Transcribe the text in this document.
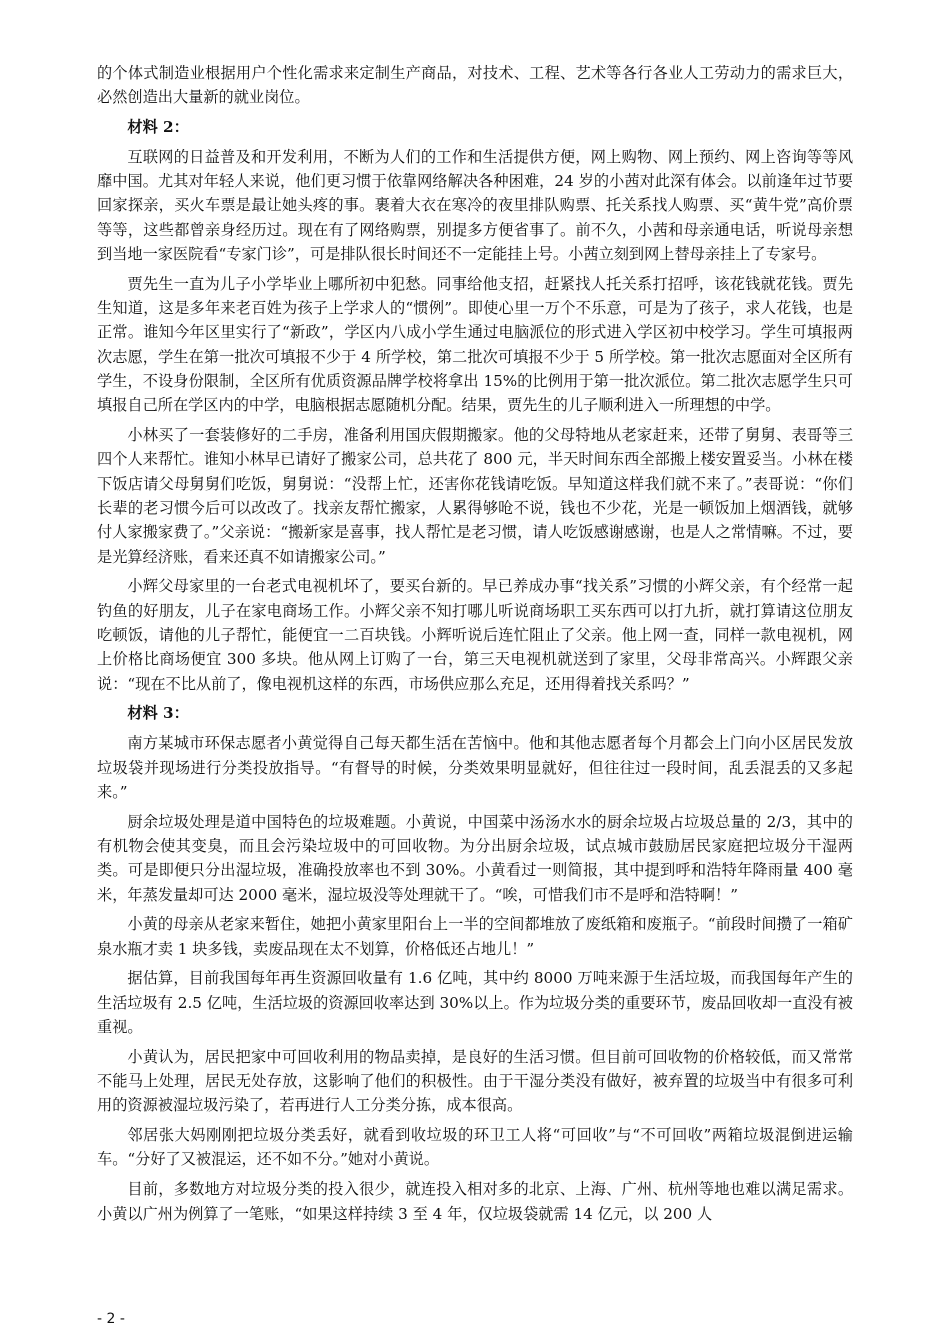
的个体式制造业根据用户个性化需求来定制生产商品，对技术、工程、艺术等各行各业人工劳动力的需求巨大，必然创造出大量新的就业岗位。

材料 2：

互联网的日益普及和开发利用，不断为人们的工作和生活提供方便，网上购物、网上预约、网上咨询等等风靡中国。尤其对年轻人来说，他们更习惯于依靠网络解决各种困难，24 岁的小茜对此深有体会。以前逢年过节要回家探亲，买火车票是最让她头疼的事。裹着大衣在寒冷的夜里排队购票、托关系找人购票、买“黄牛党”高价票等等，这些都曾亲身经历过。现在有了网络购票，别提多方便省事了。前不久，小茜和母亲通电话，听说母亲想到当地一家医院看“专家门诊”，可是排队很长时间还不一定能挂上号。小茜立刻到网上替母亲挂上了专家号。

贾先生一直为儿子小学毕业上哪所初中犯愁。同事给他支招，赶紧找人托关系打招呼，该花钱就花钱。贾先生知道，这是多年来老百姓为孩子上学求人的“惯例”。即使心里一万个不乐意，可是为了孩子，求人花钱，也是正常。谁知今年区里实行了“新政”，学区内八成小学生通过电脑派位的形式进入学区初中校学习。学生可填报两次志愿，学生在第一批次可填报不少于 4 所学校，第二批次可填报不少于 5 所学校。第一批次志愿面对全区所有学生，不设身份限制，全区所有优质资源品牌学校将拿出 15%的比例用于第一批次派位。第二批次志愿学生只可填报自己所在学区内的中学，电脑根据志愿随机分配。结果，贾先生的儿子顺利进入一所理想的中学。

小林买了一套装修好的二手房，准备利用国庆假期搬家。他的父母特地从老家赶来，还带了舅舅、表哥等三四个人来帮忙。谁知小林早已请好了搬家公司，总共花了 800 元，半天时间东西全部搬上楼安置妥当。小林在楼下饭店请父母舅舅们吃饭，舅舅说：“没帮上忙，还害你花钱请吃饭。早知道这样我们就不来了。”表哥说：“你们长辈的老习惯今后可以改改了。找亲友帮忙搬家，人累得够呛不说，钱也不少花，光是一顿饭加上烟酒钱，就够付人家搬家费了。”父亲说：“搬新家是喜事，找人帮忙是老习惯，请人吃饭感谢感谢，也是人之常情嘛。不过，要是光算经济账，看来还真不如请搬家公司。”

小辉父母家里的一台老式电视机坏了，要买台新的。早已养成办事“找关系”习惯的小辉父亲，有个经常一起钓鱼的好朋友，儿子在家电商场工作。小辉父亲不知打哪儿听说商场职工买东西可以打九折，就打算请这位朋友吃顿饭，请他的儿子帮忙，能便宜一二百块钱。小辉听说后连忙阻止了父亲。他上网一查，同样一款电视机，网上价格比商场便宜 300 多块。他从网上订购了一台，第三天电视机就送到了家里，父母非常高兴。小辉跟父亲说：“现在不比从前了，像电视机这样的东西，市场供应那么充足，还用得着找关系吗？”

材料 3：

南方某城市环保志愿者小黄觉得自己每天都生活在苦恼中。他和其他志愿者每个月都会上门向小区居民发放垃圾袋并现场进行分类投放指导。“有督导的时候，分类效果明显就好，但往往过一段时间，乱丢混丢的又多起来。”

厨余垃圾处理是道中国特色的垃圾难题。小黄说，中国菜中汤汤水水的厨余垃圾占垃圾总量的 2/3，其中的有机物会使其变臭，而且会污染垃圾中的可回收物。为分出厨余垃圾，试点城市鼓励居民家庭把垃圾分干湿两类。可是即便只分出湿垃圾，准确投放率也不到 30%。小黄看过一则简报，其中提到呼和浩特年降雨量 400 毫米，年蒸发量却可达 2000 毫米，湿垃圾没等处理就干了。“唉，可惜我们市不是呼和浩特啊！”

小黄的母亲从老家来暂住，她把小黄家里阳台上一半的空间都堆放了废纸箱和废瓶子。“前段时间攒了一箱矿泉水瓶才卖 1 块多钱，卖废品现在太不划算，价格低还占地儿！”

据估算，目前我国每年再生资源回收量有 1.6 亿吨，其中约 8000 万吨来源于生活垃圾，而我国每年产生的生活垃圾有 2.5 亿吨，生活垃圾的资源回收率达到 30%以上。作为垃圾分类的重要环节，废品回收却一直没有被重视。

小黄认为，居民把家中可回收利用的物品卖掉，是良好的生活习惯。但目前可回收物的价格较低，而又常常不能马上处理，居民无处存放，这影响了他们的积极性。由于干湿分类没有做好，被弃置的垃圾当中有很多可利用的资源被湿垃圾污染了，若再进行人工分类分拣，成本很高。

邻居张大妈刚刚把垃圾分类丢好，就看到收垃圾的环卫工人将“可回收”与“不可回收”两箱垃圾混倒进运输车。“分好了又被混运，还不如不分。”她对小黄说。

目前，多数地方对垃圾分类的投入很少，就连投入相对多的北京、上海、广州、杭州等地也难以满足需求。小黄以广州为例算了一笔账，“如果这样持续 3 至 4 年，仅垃圾袋就需 14 亿元，以 200 人

- 2 -
